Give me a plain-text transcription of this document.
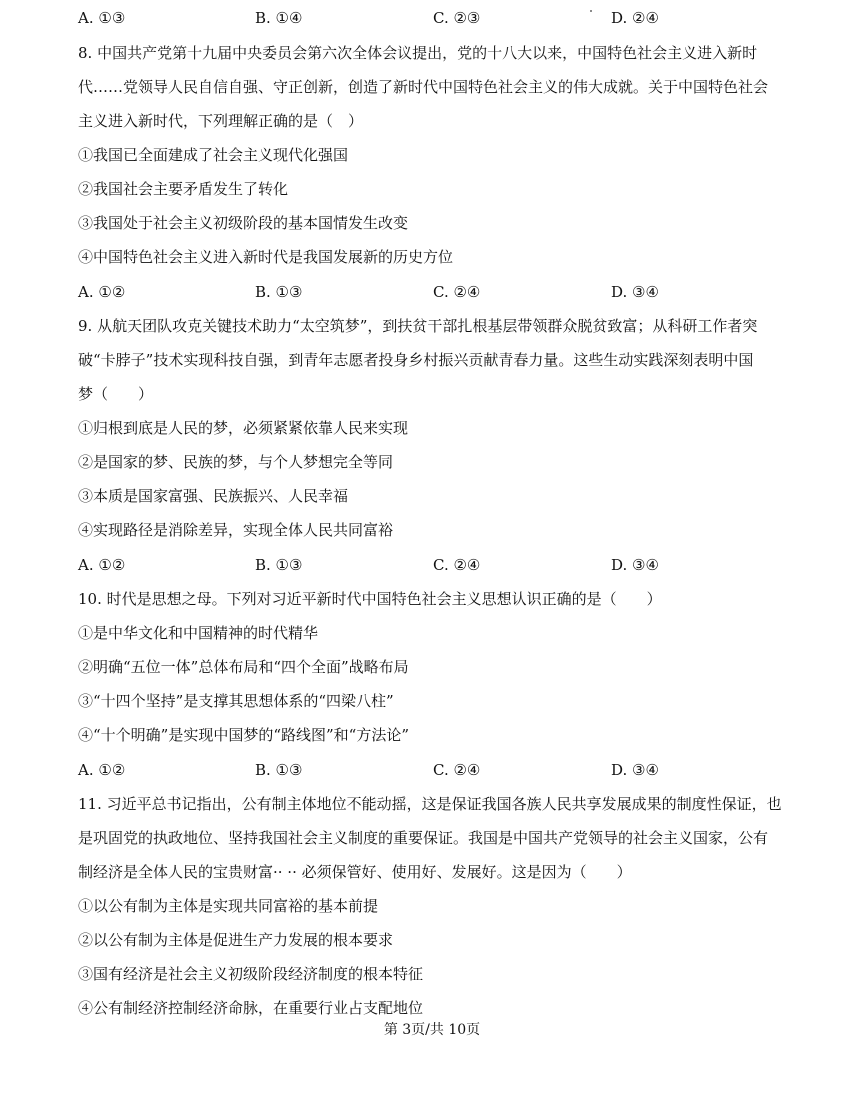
A. ①③	B. ①④	C. ②③	D. ②④
8. 中国共产党第十九届中央委员会第六次全体会议提出，党的十八大以来，中国特色社会主义进入新时
代……党领导人民自信自强、守正创新，创造了新时代中国特色社会主义的伟大成就。关于中国特色社会
主义进入新时代，下列理解正确的是（　）
①我国已全面建成了社会主义现代化强国
②我国社会主要矛盾发生了转化
③我国处于社会主义初级阶段的基本国情发生改变
④中国特色社会主义进入新时代是我国发展新的历史方位
A. ①②	B. ①③	C. ②④	D. ③④
9. 从航天团队攻克关键技术助力“太空筑梦”，到扶贫干部扎根基层带领群众脱贫致富；从科研工作者突
破“卡脖子”技术实现科技自强，到青年志愿者投身乡村振兴贡献青春力量。这些生动实践深刻表明中国
梦（　　）
①归根到底是人民的梦，必须紧紧依靠人民来实现
②是国家的梦、民族的梦，与个人梦想完全等同
③本质是国家富强、民族振兴、人民幸福
④实现路径是消除差异，实现全体人民共同富裕
A. ①②	B. ①③	C. ②④	D. ③④
10. 时代是思想之母。下列对习近平新时代中国特色社会主义思想认识正确的是（　　）
①是中华文化和中国精神的时代精华
②明确“五位一体”总体布局和“四个全面”战略布局
③“十四个坚持”是支撑其思想体系的“四梁八柱”
④“十个明确”是实现中国梦的“路线图”和“方法论”
A. ①②	B. ①③	C. ②④	D. ③④
11. 习近平总书记指出，公有制主体地位不能动摇，这是保证我国各族人民共享发展成果的制度性保证，也
是巩固党的执政地位、坚持我国社会主义制度的重要保证。我国是中国共产党领导的社会主义国家，公有
制经济是全体人民的宝贵财富·· ·· 必须保管好、使用好、发展好。这是因为（　　）
①以公有制为主体是实现共同富裕的基本前提
②以公有制为主体是促进生产力发展的根本要求
③国有经济是社会主义初级阶段经济制度的根本特征
④公有制经济控制经济命脉，在重要行业占支配地位
第 3页/共 10页
